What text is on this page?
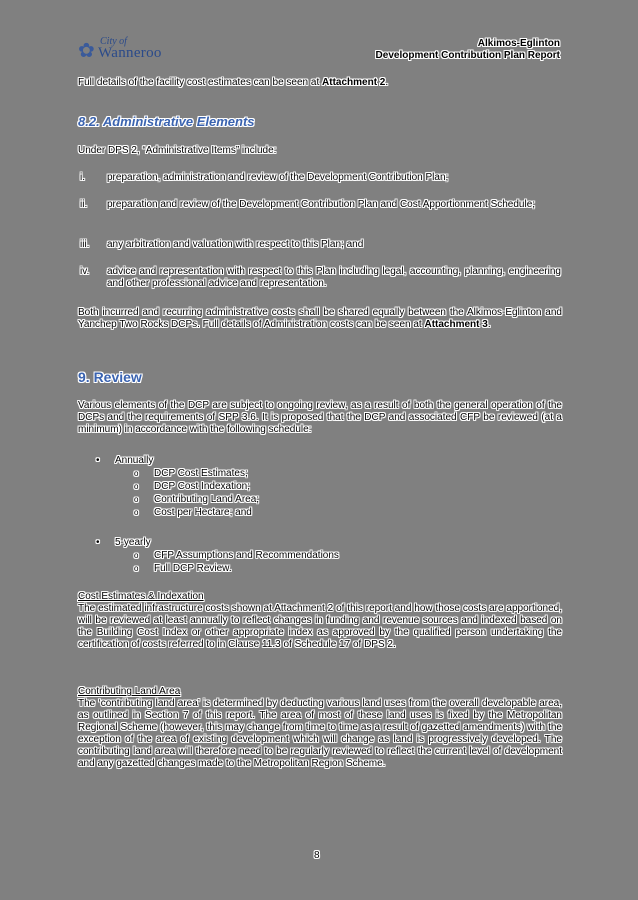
✿ City of
Wanneroo
Alkimos-Eglinton
Development Contribution Plan Report
Full details of the facility cost estimates can be seen at Attachment 2.
8.2. Administrative Elements
Under DPS 2, “Administrative Items” include:
i. preparation, administration and review of the Development Contribution Plan;
ii. preparation and review of the Development Contribution Plan and Cost Apportionment Schedule;
iii. any arbitration and valuation with respect to this Plan; and
iv. advice and representation with respect to this Plan including legal, accounting, planning, engineering and other professional advice and representation.
Both incurred and recurring administrative costs shall be shared equally between the Alkimos-Eglinton and Yanchep Two Rocks DCPs. Full details of Administration costs can be seen at Attachment 3.
9. Review
Various elements of the DCP are subject to ongoing review, as a result of both the general operation of the DCPs and the requirements of SPP 3.6. It is proposed that the DCP and associated CFP be reviewed (at a minimum) in accordance with the following schedule:
• Annually
o DCP Cost Estimates;
o DCP Cost Indexation;
o Contributing Land Area;
o Cost per Hectare; and
• 5-yearly
o CFP Assumptions and Recommendations
o Full DCP Review.
Cost Estimates & Indexation
The estimated infrastructure costs shown at Attachment 2 of this report and how those costs are apportioned, will be reviewed at least annually to reflect changes in funding and revenue sources and indexed based on the Building Cost Index or other appropriate index as approved by the qualified person undertaking the certification of costs referred to in Clause 11.3 of Schedule 17 of DPS 2.
Contributing Land Area
The ‘contributing land area’ is determined by deducting various land uses from the overall developable area, as outlined in Section 7 of this report. The area of most of these land uses is fixed by the Metropolitan Regional Scheme (however, this may change from time to time as a result of gazetted amendments) with the exception of the area of existing development which will change as land is progressively developed. The contributing land area will therefore need to be regularly reviewed to reflect the current level of development and any gazetted changes made to the Metropolitan Region Scheme.
8
